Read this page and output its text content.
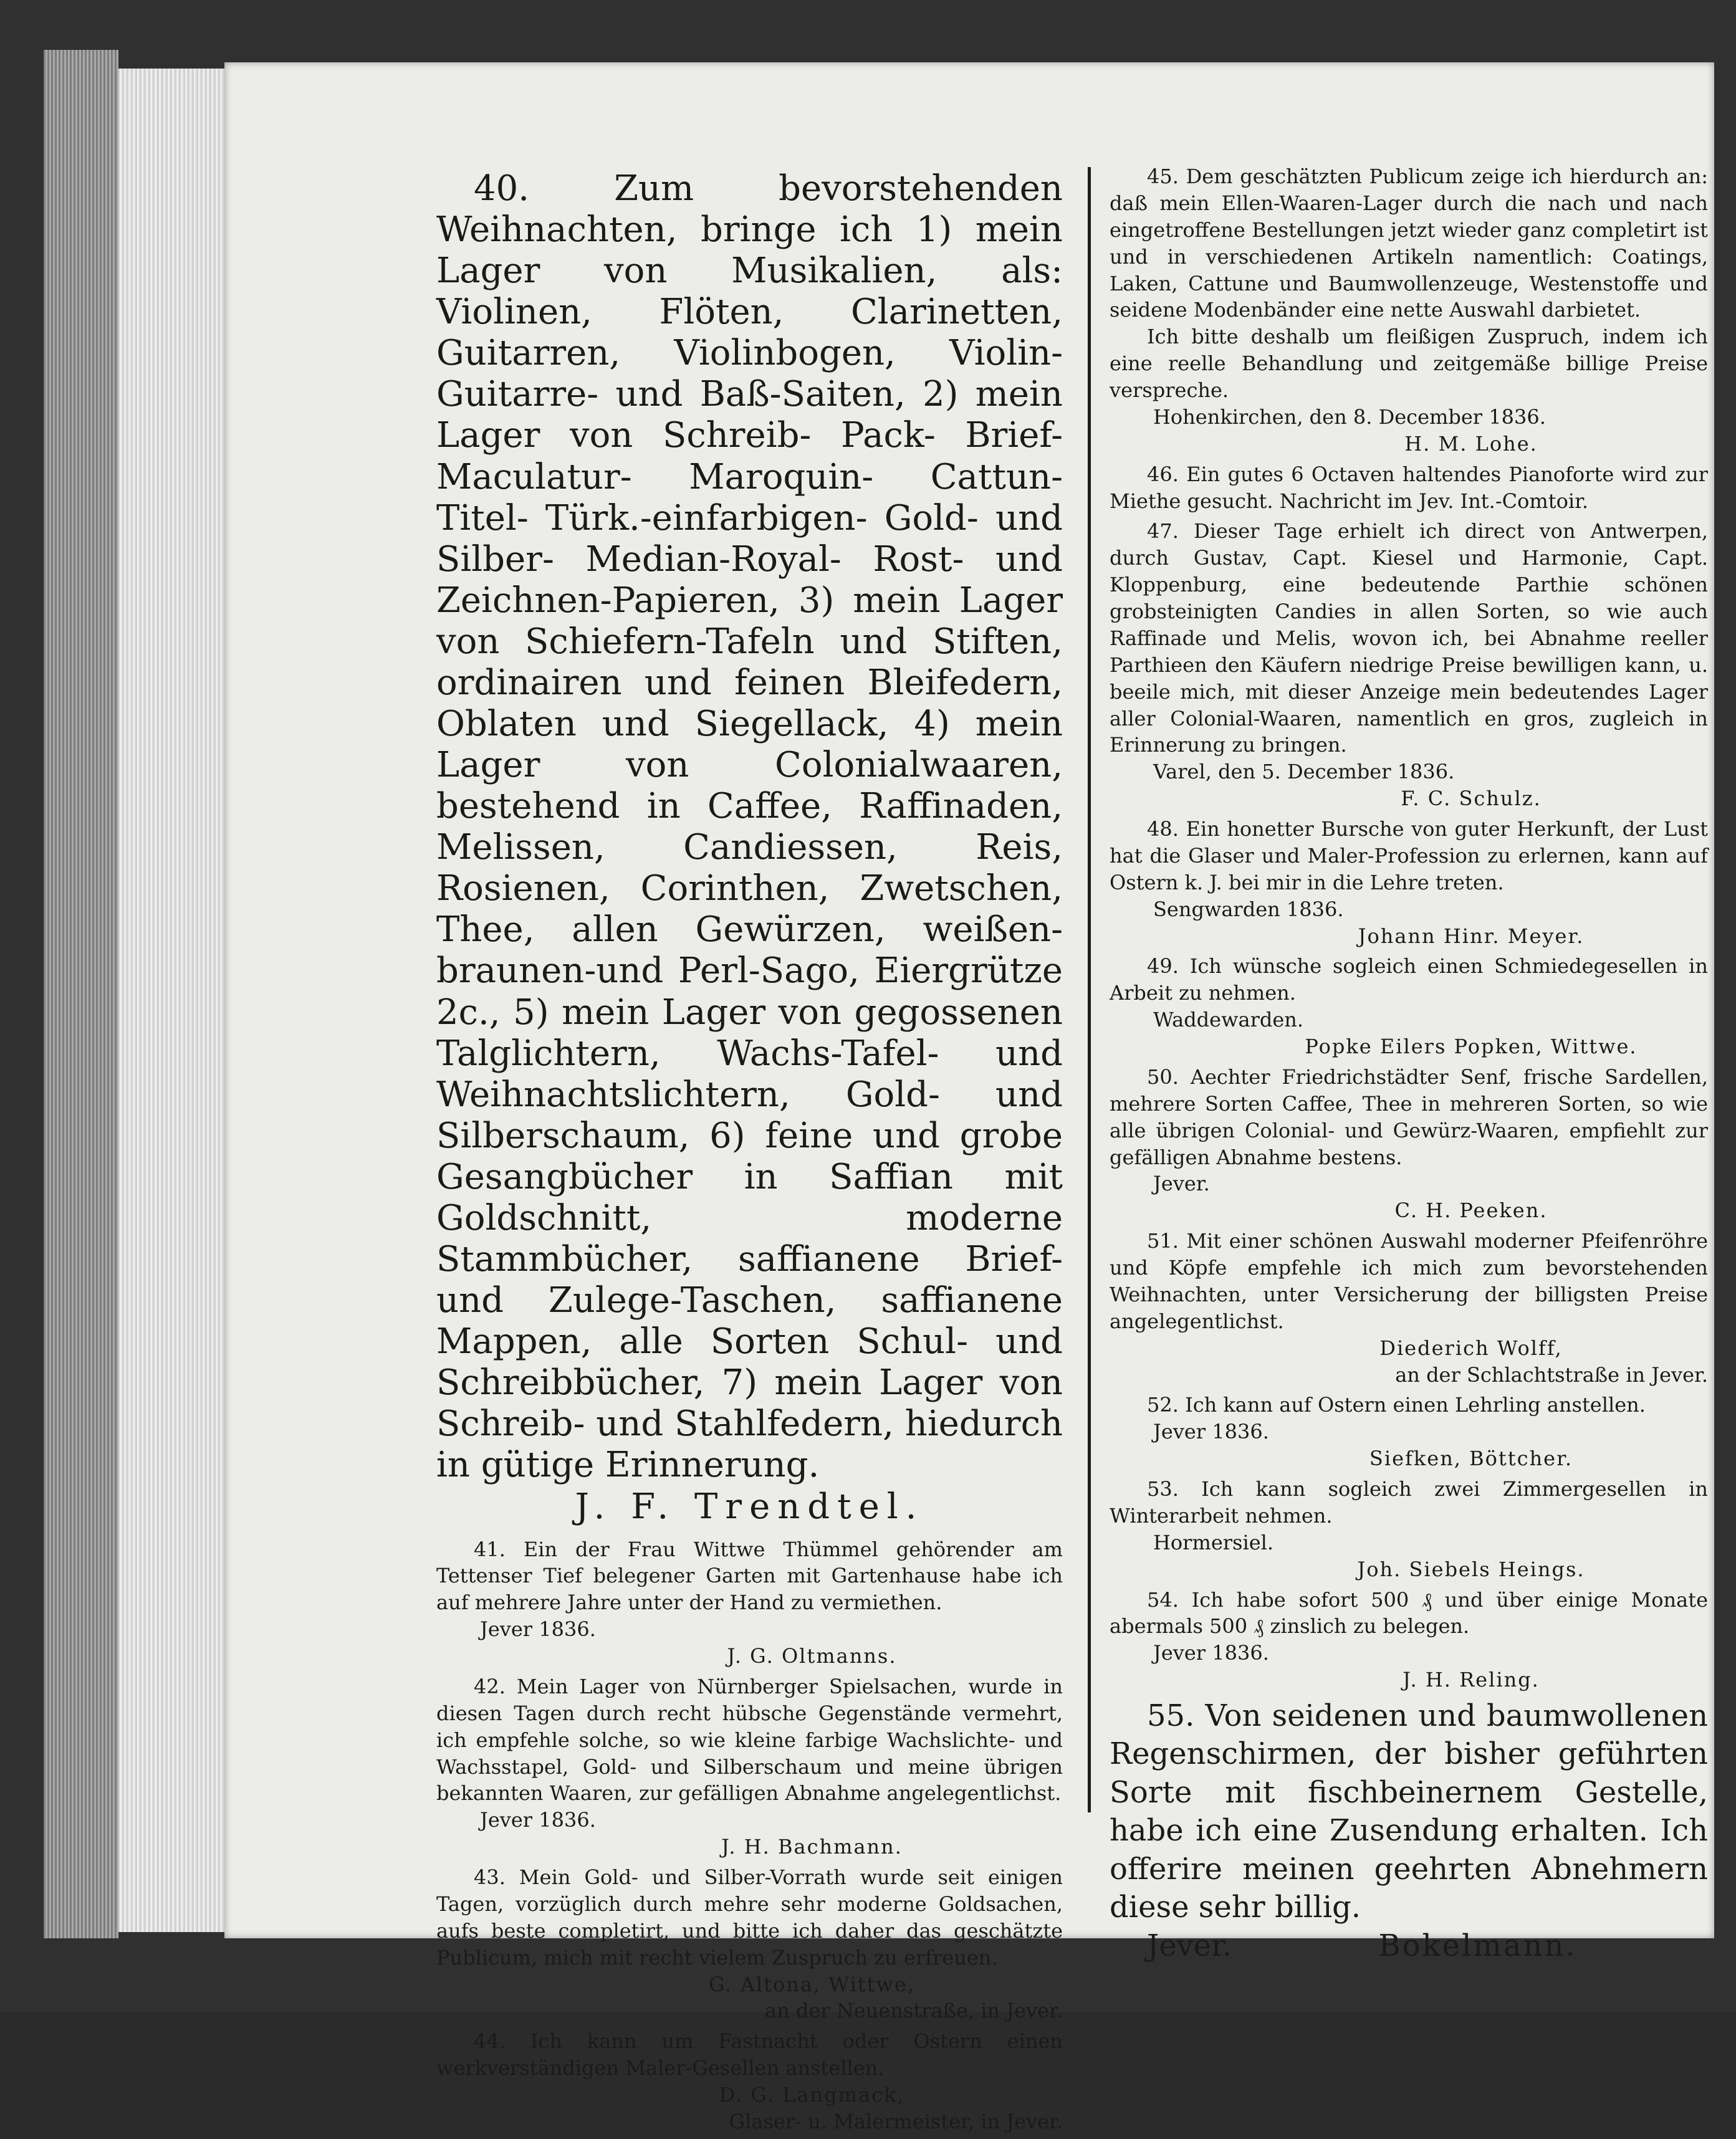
40. Zum bevorstehenden Weihnachten, bringe ich 1) mein Lager von Musikalien, als: Violinen, Flöten, Clarinetten, Guitarren, Violinbogen, Violin-Guitarre- und Baß-Saiten, 2) mein Lager von Schreib- Pack- Brief- Maculatur- Maroquin- Cattun- Titel- Türk.-einfarbigen- Gold- und Silber- Median-Royal- Rost- und Zeichnen-Papieren, 3) mein Lager von Schiefern-Tafeln und Stiften, ordinairen und feinen Bleifedern, Oblaten und Siegellack, 4) mein Lager von Colonialwaaren, bestehend in Caffee, Raffinaden, Melissen, Candiessen, Reis, Rosienen, Corinthen, Zwetschen, Thee, allen Gewürzen, weißen- braunen-und Perl-Sago, Eiergrütze 2c., 5) mein Lager von gegossenen Talglichtern, Wachs-Tafel- und Weihnachtslichtern, Gold- und Silberschaum, 6) feine und grobe Gesangbücher in Saffian mit Goldschnitt, moderne Stammbücher, saffianene Brief- und Zulege-Taschen, saffianene Mappen, alle Sorten Schul- und Schreibbücher, 7) mein Lager von Schreib- und Stahlfedern, hiedurch in gütige Erinnerung.

J. F. Trendtel.

41. Ein der Frau Wittwe Thümmel gehörender am Tettenser Tief belegener Garten mit Gartenhause habe ich auf mehrere Jahre unter der Hand zu vermiethen.

Jever 1836.

J. G. Oltmanns.

42. Mein Lager von Nürnberger Spielsachen, wurde in diesen Tagen durch recht hübsche Gegenstände vermehrt, ich empfehle solche, so wie kleine farbige Wachslichte- und Wachsstapel, Gold- und Silberschaum und meine übrigen bekannten Waaren, zur gefälligen Abnahme angelegentlichst.

Jever 1836.

J. H. Bachmann.

43. Mein Gold- und Silber-Vorrath wurde seit einigen Tagen, vorzüglich durch mehre sehr moderne Goldsachen, aufs beste completirt, und bitte ich daher das geschätzte Publicum, mich mit recht vielem Zuspruch zu erfreuen.

G. Altona, Wittwe,

an der Neuenstraße, in Jever.

44. Ich kann um Fastnacht oder Ostern einen werkverständigen Maler-Gesellen anstellen.

D. G. Langmack,

Glaser- u. Malermeister, in Jever.

45. Dem geschätzten Publicum zeige ich hierdurch an: daß mein Ellen-Waaren-Lager durch die nach und nach eingetroffene Bestellungen jetzt wieder ganz completirt ist und in verschiedenen Artikeln namentlich: Coatings, Laken, Cattune und Baumwollenzeuge, Westenstoffe und seidene Modenbänder eine nette Auswahl darbietet.

Ich bitte deshalb um fleißigen Zuspruch, indem ich eine reelle Behandlung und zeitgemäße billige Preise verspreche.

Hohenkirchen, den 8. December 1836.

H. M. Lohe.

46. Ein gutes 6 Octaven haltendes Pianoforte wird zur Miethe gesucht. Nachricht im Jev. Int.-Comtoir.

47. Dieser Tage erhielt ich direct von Antwerpen, durch Gustav, Capt. Kiesel und Harmonie, Capt. Kloppenburg, eine bedeutende Parthie schönen grobsteinigten Candies in allen Sorten, so wie auch Raffinade und Melis, wovon ich, bei Abnahme reeller Parthieen den Käufern niedrige Preise bewilligen kann, u. beeile mich, mit dieser Anzeige mein bedeutendes Lager aller Colonial-Waaren, namentlich en gros, zugleich in Erinnerung zu bringen.

Varel, den 5. December 1836.

F. C. Schulz.

48. Ein honetter Bursche von guter Herkunft, der Lust hat die Glaser und Maler-Profession zu erlernen, kann auf Ostern k. J. bei mir in die Lehre treten.

Sengwarden 1836.

Johann Hinr. Meyer.

49. Ich wünsche sogleich einen Schmiedegesellen in Arbeit zu nehmen.

Waddewarden.

Popke Eilers Popken, Wittwe.

50. Aechter Friedrichstädter Senf, frische Sardellen, mehrere Sorten Caffee, Thee in mehreren Sorten, so wie alle übrigen Colonial- und Gewürz-Waaren, empfiehlt zur gefälligen Abnahme bestens.

Jever.

C. H. Peeken.

51. Mit einer schönen Auswahl moderner Pfeifenröhre und Köpfe empfehle ich mich zum bevorstehenden Weihnachten, unter Versicherung der billigsten Preise angelegentlichst.

Diederich Wolff,

an der Schlachtstraße in Jever.

52. Ich kann auf Ostern einen Lehrling anstellen.

Jever 1836.

Siefken, Böttcher.

53. Ich kann sogleich zwei Zimmergesellen in Winterarbeit nehmen.

Hormersiel.

Joh. Siebels Heings.

54. Ich habe sofort 500 ₰ und über einige Monate abermals 500 ₰ zinslich zu belegen.

Jever 1836.

J. H. Reling.

55. Von seidenen und baumwollenen Regenschirmen, der bisher geführten Sorte mit fischbeinernem Gestelle, habe ich eine Zusendung erhalten. Ich offerire meinen geehrten Abnehmern diese sehr billig.

Jever.	Bokelmann.
